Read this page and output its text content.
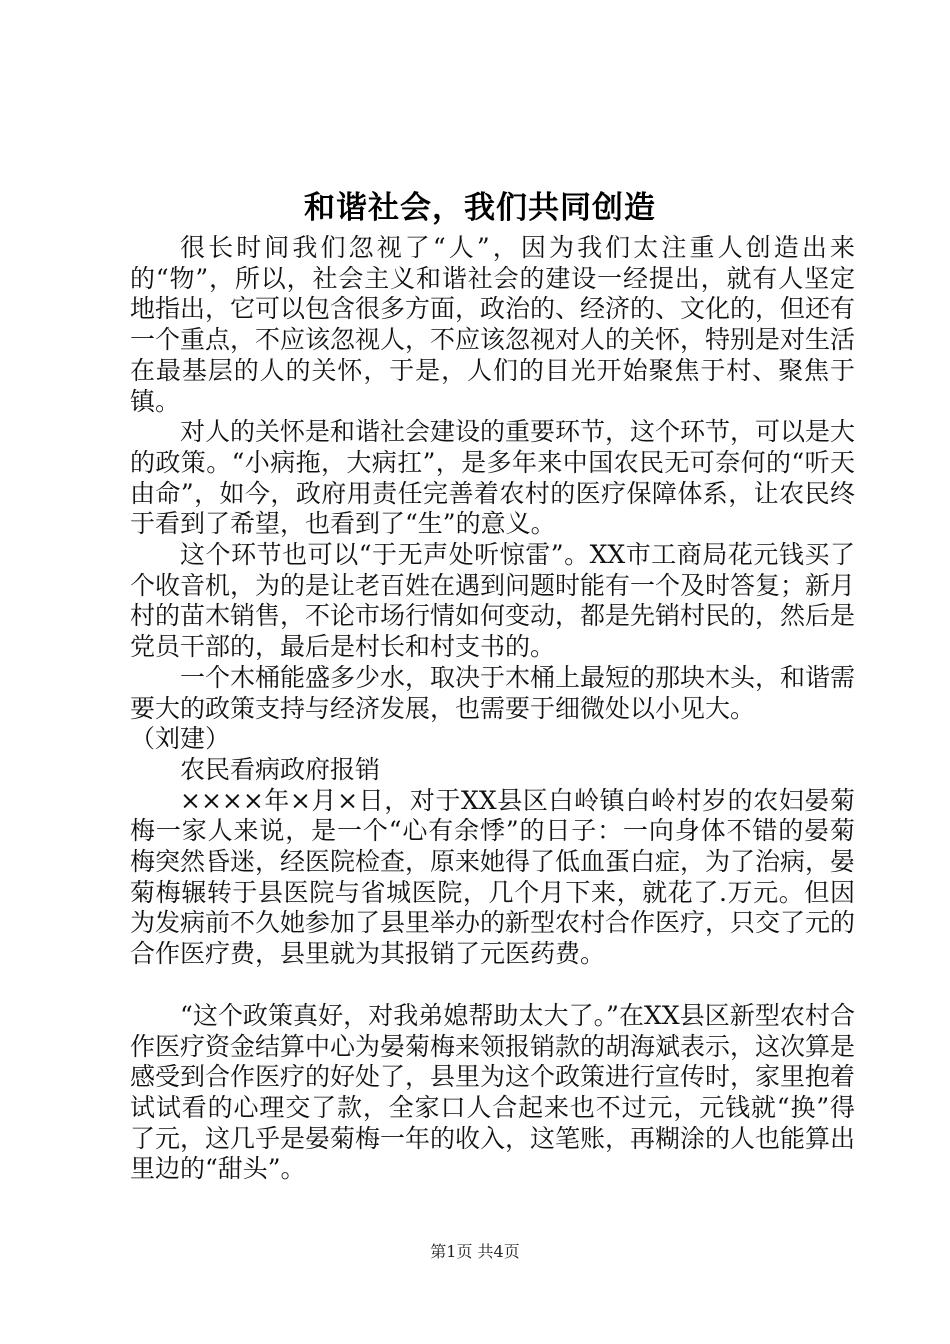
和谐社会，我们共同创造

很长时间我们忽视了“人”，因为我们太注重人创造出来的“物”，所以，社会主义和谐社会的建设一经提出，就有人坚定地指出，它可以包含很多方面，政治的、经济的、文化的，但还有一个重点，不应该忽视人，不应该忽视对人的关怀，特别是对生活在最基层的人的关怀，于是，人们的目光开始聚焦于村、聚焦于镇。

对人的关怀是和谐社会建设的重要环节，这个环节，可以是大的政策。“小病拖，大病扛”，是多年来中国农民无可奈何的“听天由命”，如今，政府用责任完善着农村的医疗保障体系，让农民终于看到了希望，也看到了“生”的意义。

这个环节也可以“于无声处听惊雷”。XX市工商局花元钱买了个收音机，为的是让老百姓在遇到问题时能有一个及时答复；新月村的苗木销售，不论市场行情如何变动，都是先销村民的，然后是党员干部的，最后是村长和村支书的。

一个木桶能盛多少水，取决于木桶上最短的那块木头，和谐需要大的政策支持与经济发展，也需要于细微处以小见大。

（刘建）

农民看病政府报销

××××年×月×日，对于XX县区白岭镇白岭村岁的农妇晏菊梅一家人来说，是一个“心有余悸”的日子：一向身体不错的晏菊梅突然昏迷，经医院检查，原来她得了低血蛋白症，为了治病，晏菊梅辗转于县医院与省城医院，几个月下来，就花了.万元。但因为发病前不久她参加了县里举办的新型农村合作医疗，只交了元的合作医疗费，县里就为其报销了元医药费。

“这个政策真好，对我弟媳帮助太大了。”在XX县区新型农村合作医疗资金结算中心为晏菊梅来领报销款的胡海斌表示，这次算是感受到合作医疗的好处了，县里为这个政策进行宣传时，家里抱着试试看的心理交了款，全家口人合起来也不过元，元钱就“换”得了元，这几乎是晏菊梅一年的收入，这笔账，再糊涂的人也能算出里边的“甜头”。

第1页 共4页
